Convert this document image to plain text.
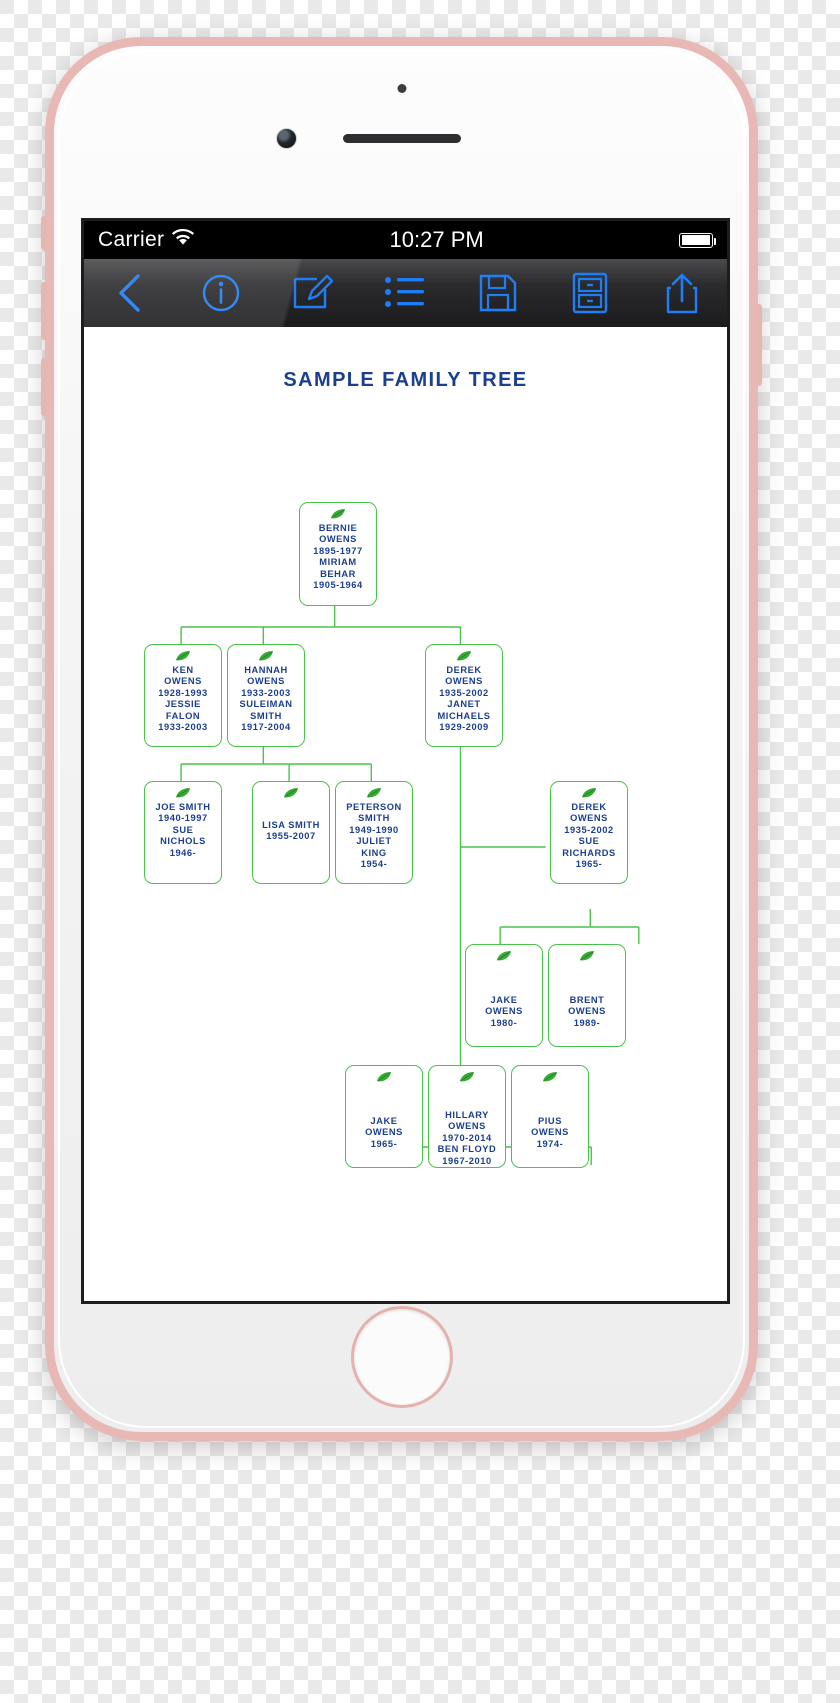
Carrier	10:27 PM
SAMPLE FAMILY TREE
BERNIE
OWENS
1895-1977
MIRIAM
BEHAR
1905-1964
KEN
OWENS
1928-1993
JESSIE
FALON
1933-2003
HANNAH
OWENS
1933-2003
SULEIMAN
SMITH
1917-2004
DEREK
OWENS
1935-2002
JANET
MICHAELS
1929-2009
JOE SMITH
1940-1997
SUE
NICHOLS
1946-
LISA SMITH
1955-2007
PETERSON
SMITH
1949-1990
JULIET
KING
1954-
DEREK
OWENS
1935-2002
SUE
RICHARDS
1965-
JAKE
OWENS
1980-
BRENT
OWENS
1989-
JAKE
OWENS
1965-
HILLARY
OWENS
1970-2014
BEN FLOYD
1967-2010
PIUS
OWENS
1974-
